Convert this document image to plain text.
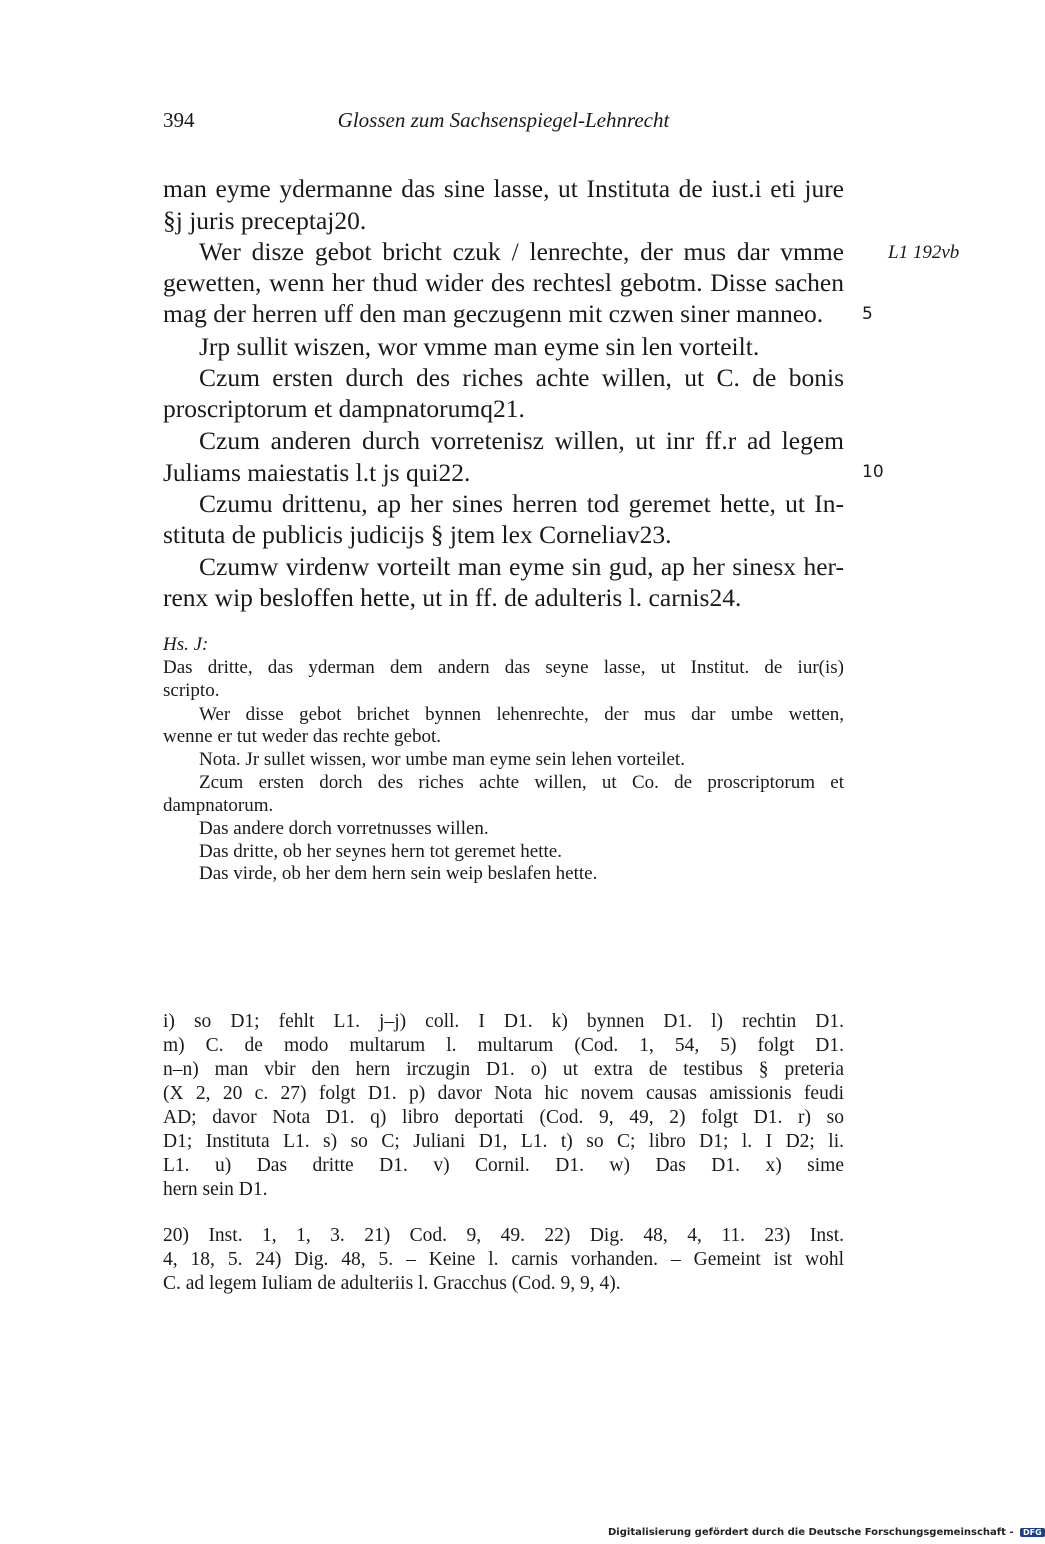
394	Glossen zum Sachsenspiegel-Lehnrecht
man eyme ydermanne das sine lasse, ut Instituta de iust.i eti jure
§j juris preceptaj20.
Wer disze gebot bricht czuk / lenrechte, der mus dar vmme
gewetten, wenn her thud wider des rechtesl gebotm. Disse sachen
mag der herren uff den man geczugenn mit czwen siner manneo.
Jrp sullit wiszen, wor vmme man eyme sin len vorteilt.
Czum ersten durch des riches achte willen, ut C. de bonis
proscriptorum et dampnatorumq21.
Czum anderen durch vorretenisz willen, ut inr ff.r ad legem
Juliams maiestatis l.t js qui22.
Czumu drittenu, ap her sines herren tod geremet hette, ut In-
stituta de publicis judicijs § jtem lex Corneliav23.
Czumw virdenw vorteilt man eyme sin gud, ap her sinesx her-
renx wip besloffen hette, ut in ff. de adulteris l. carnis24.
L1 192vb
5
10
Hs. J:
Das dritte, das yderman dem andern das seyne lasse, ut Institut. de iur(is)
scripto.
Wer disse gebot brichet bynnen lehenrechte, der mus dar umbe wetten,
wenne er tut weder das rechte gebot.
Nota. Jr sullet wissen, wor umbe man eyme sein lehen vorteilet.
Zcum ersten dorch des riches achte willen, ut Co. de proscriptorum et
dampnatorum.
Das andere dorch vorretnusses willen.
Das dritte, ob her seynes hern tot geremet hette.
Das virde, ob her dem hern sein weip beslafen hette.
i) so D1; fehlt L1. j–j) coll. I D1. k) bynnen D1. l) rechtin D1.
m) C. de modo multarum l. multarum (Cod. 1, 54, 5) folgt D1.
n–n) man vbir den hern irczugin D1. o) ut extra de testibus § preteria
(X 2, 20 c. 27) folgt D1. p) davor Nota hic novem causas amissionis feudi
AD; davor Nota D1. q) libro deportati (Cod. 9, 49, 2) folgt D1. r) so
D1; Instituta L1. s) so C; Juliani D1, L1. t) so C; libro D1; l. I D2; li.
L1. u) Das dritte D1. v) Cornil. D1. w) Das D1. x) sime
hern sein D1.
20) Inst. 1, 1, 3. 21) Cod. 9, 49. 22) Dig. 48, 4, 11. 23) Inst.
4, 18, 5. 24) Dig. 48, 5. – Keine l. carnis vorhanden. – Gemeint ist wohl
C. ad legem Iuliam de adulteriis l. Gracchus (Cod. 9, 9, 4).
Digitalisierung gefördert durch die Deutsche Forschungsgemeinschaft - DFG
